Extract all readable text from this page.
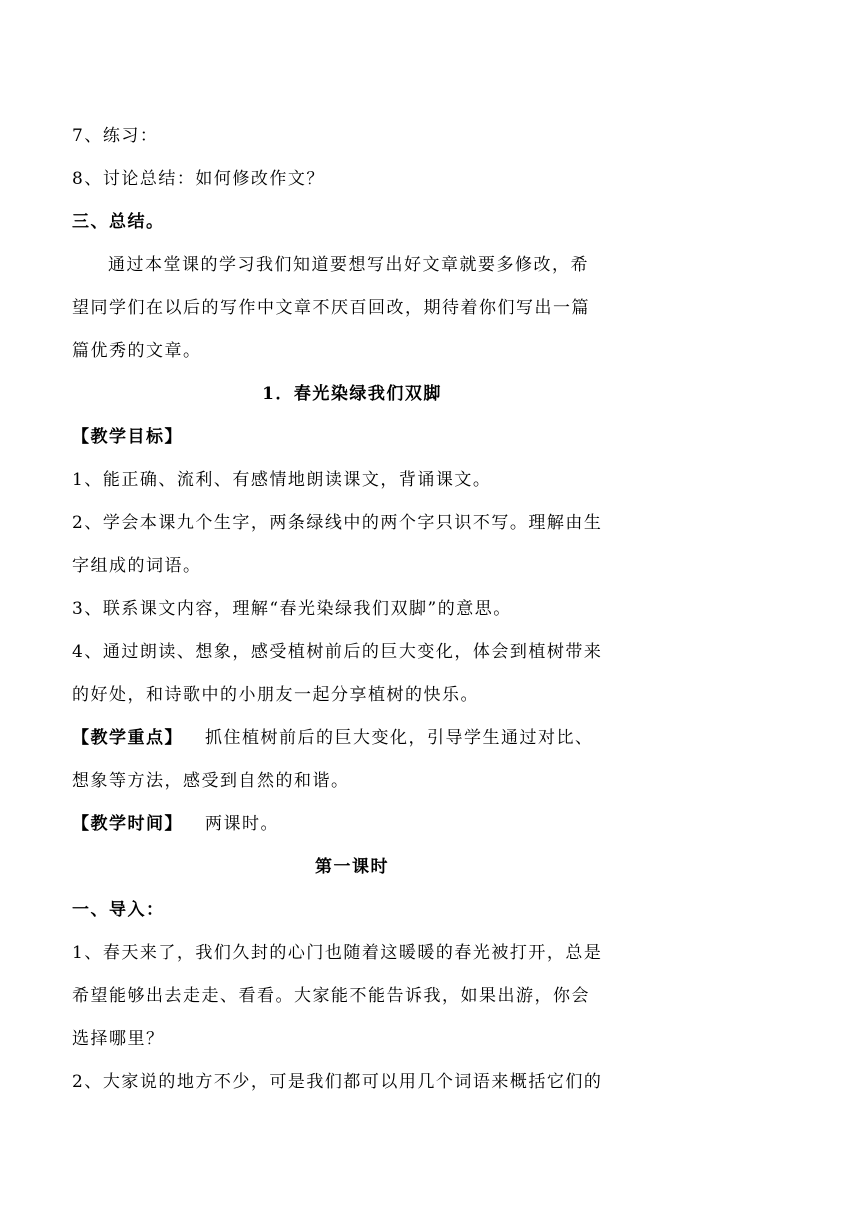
7、练习：
8、讨论总结：如何修改作文？
三、总结。
通过本堂课的学习我们知道要想写出好文章就要多修改，希
望同学们在以后的写作中文章不厌百回改，期待着你们写出一篇
篇优秀的文章。
1．春光染绿我们双脚
【教学目标】
1、能正确、流利、有感情地朗读课文，背诵课文。
2、学会本课九个生字，两条绿线中的两个字只识不写。理解由生
字组成的词语。
3、联系课文内容，理解“春光染绿我们双脚”的意思。
4、通过朗读、想象，感受植树前后的巨大变化，体会到植树带来
的好处，和诗歌中的小朋友一起分享植树的快乐。
【教学重点】 抓住植树前后的巨大变化，引导学生通过对比、
想象等方法，感受到自然的和谐。
【教学时间】 两课时。
第一课时
一、导入：
1、春天来了，我们久封的心门也随着这暖暖的春光被打开，总是
希望能够出去走走、看看。大家能不能告诉我，如果出游，你会
选择哪里？
2、大家说的地方不少，可是我们都可以用几个词语来概括它们的
